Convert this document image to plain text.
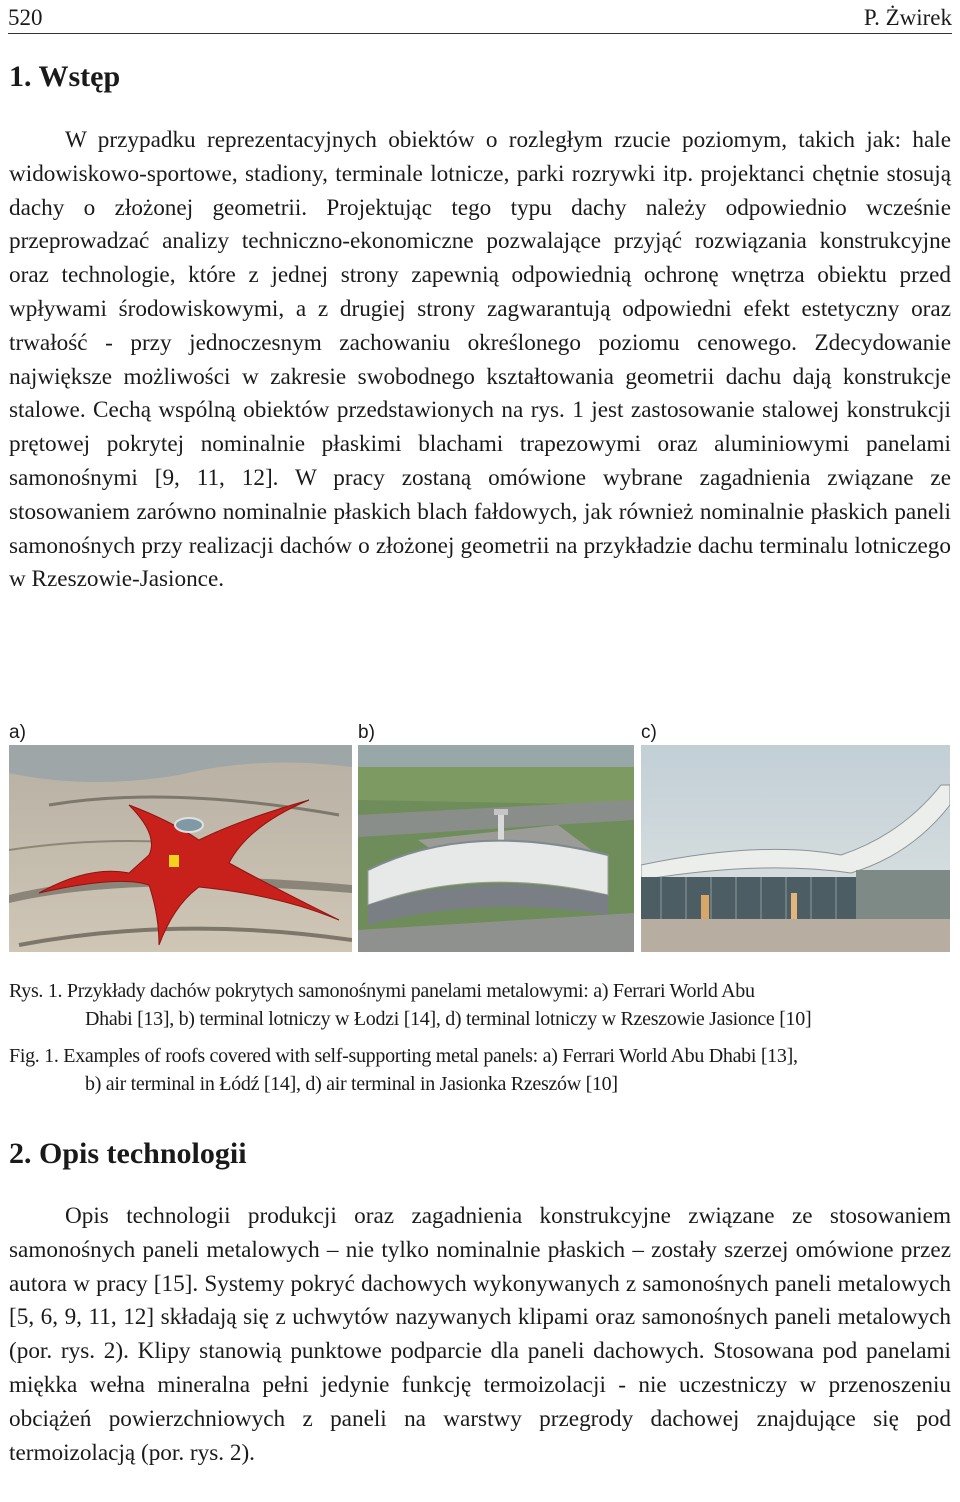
520	P. Żwirek
1. Wstęp

W przypadku reprezentacyjnych obiektów o rozległym rzucie poziomym, takich jak: hale widowiskowo-sportowe, stadiony, terminale lotnicze, parki rozrywki itp. projektanci chętnie stosują dachy o złożonej geometrii. Projektując tego typu dachy należy odpowiednio wcześnie przeprowadzać analizy techniczno-ekonomiczne pozwalające przyjąć rozwiązania konstrukcyjne oraz technologie, które z jednej strony zapewnią odpowiednią ochronę wnętrza obiektu przed wpływami środowiskowymi, a z drugiej strony zagwarantują odpowiedni efekt estetyczny oraz trwałość - przy jednoczesnym zachowaniu określonego poziomu cenowego. Zdecydowanie największe możliwości w zakresie swobodnego kształtowania geometrii dachu dają konstrukcje stalowe. Cechą wspólną obiektów przedstawionych na rys. 1 jest zastosowanie stalowej konstrukcji prętowej pokrytej nominalnie płaskimi blachami trapezowymi oraz aluminiowymi panelami samonośnymi [9, 11, 12]. W pracy zostaną omówione wybrane zagadnienia związane ze stosowaniem zarówno nominalnie płaskich blach fałdowych, jak również nominalnie płaskich paneli samonośnych przy realizacji dachów o złożonej geometrii na przykładzie dachu terminalu lotniczego w Rzeszowie-Jasionce.

a)	b)	c)
Rys. 1. Przykłady dachów pokrytych samonośnymi panelami metalowymi: a) Ferrari World Abu
Dhabi [13], b) terminal lotniczy w Łodzi [14], d) terminal lotniczy w Rzeszowie Jasionce [10]
Fig. 1. Examples of roofs covered with self-supporting metal panels: a) Ferrari World Abu Dhabi [13],
b) air terminal in Łódź [14], d) air terminal in Jasionka Rzeszów [10]
2. Opis technologii

Opis technologii produkcji oraz zagadnienia konstrukcyjne związane ze stosowaniem samonośnych paneli metalowych – nie tylko nominalnie płaskich – zostały szerzej omówione przez autora w pracy [15]. Systemy pokryć dachowych wykonywanych z samonośnych paneli metalowych [5, 6, 9, 11, 12] składają się z uchwytów nazywanych klipami oraz samonośnych paneli metalowych (por. rys. 2). Klipy stanowią punktowe podparcie dla paneli dachowych. Stosowana pod panelami miękka wełna mineralna pełni jedynie funkcję termoizolacji - nie uczestniczy w przenoszeniu obciążeń powierzchniowych z paneli na warstwy przegrody dachowej znajdujące się pod termoizolacją (por. rys. 2).
